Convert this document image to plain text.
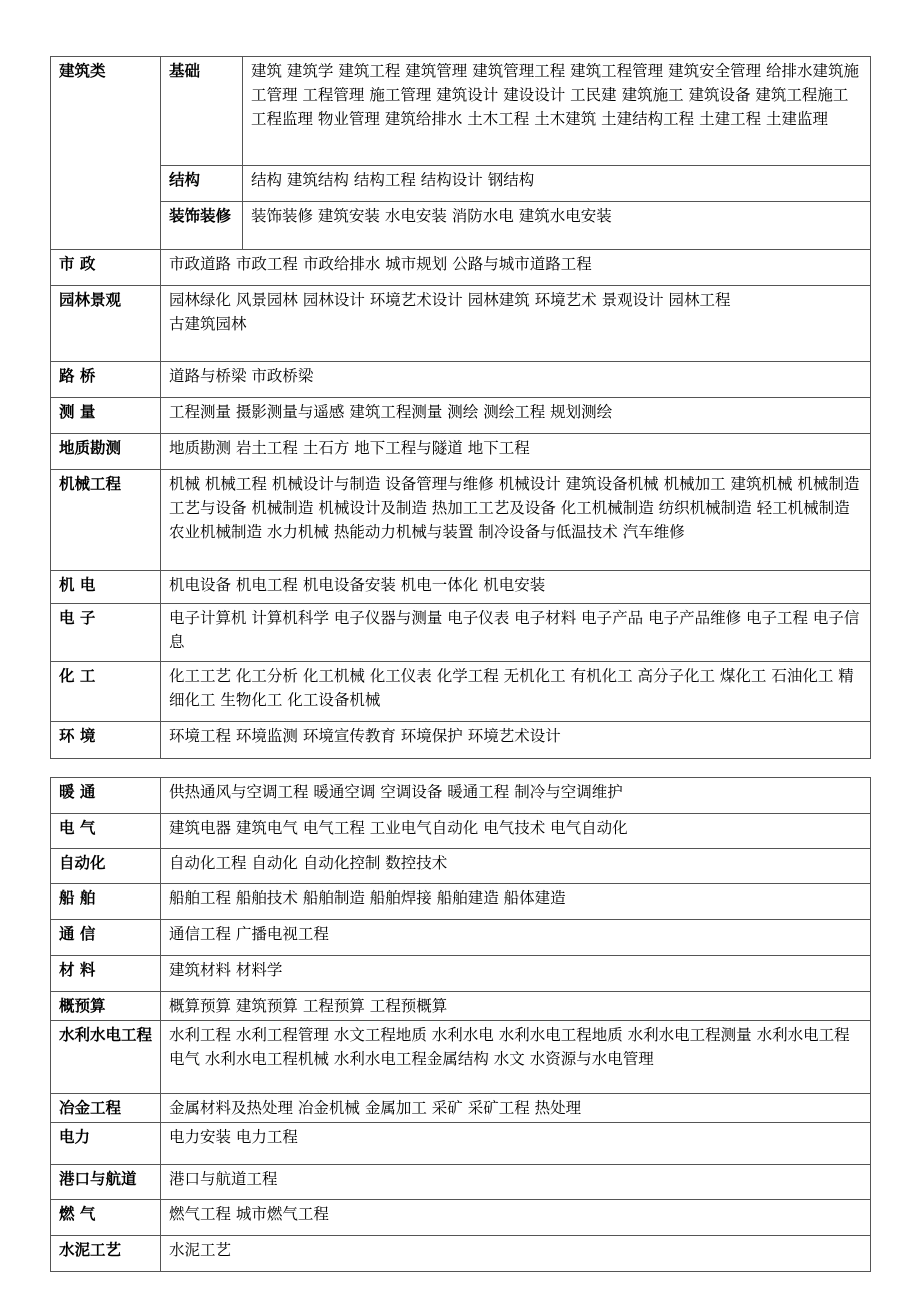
建筑类	基础	建筑 建筑学 建筑工程 建筑管理 建筑管理工程 建筑工程管理 建筑安全管理 给排水建筑施工管理 工程管理 施工管理 建筑设计 建设设计 工民建 建筑施工 建筑设备 建筑工程施工 工程监理 物业管理 建筑给排水 土木工程 土木建筑 土建结构工程 土建工程 土建监理
	结构	结构 建筑结构 结构工程 结构设计 钢结构
	装饰装修	装饰装修 建筑安装 水电安装 消防水电 建筑水电安装
市 政	市政道路 市政工程 市政给排水 城市规划 公路与城市道路工程	
园林景观	园林绿化 风景园林 园林设计 环境艺术设计 园林建筑 环境艺术 景观设计 园林工程
古建筑园林	

路 桥	道路与桥梁 市政桥梁	
测 量	工程测量 摄影测量与遥感 建筑工程测量 测绘 测绘工程 规划测绘	
地质勘测	地质勘测 岩土工程 土石方 地下工程与隧道 地下工程	
机械工程	机械 机械工程 机械设计与制造 设备管理与维修 机械设计 建筑设备机械 机械加工 建筑机械 机械制造工艺与设备 机械制造 机械设计及制造 热加工工艺及设备 化工机械制造 纺织机械制造 轻工机械制造 农业机械制造 水力机械 热能动力机械与装置 制冷设备与低温技术 汽车维修	
机 电	机电设备 机电工程 机电设备安装 机电一体化 机电安装	
电 子	电子计算机 计算机科学 电子仪器与测量 电子仪表 电子材料 电子产品 电子产品维修 电子工程 电子信息	
化 工	化工工艺 化工分析 化工机械 化工仪表 化学工程 无机化工 有机化工 高分子化工 煤化工 石油化工 精细化工 生物化工 化工设备机械	
环 境	环境工程 环境监测 环境宣传教育 环境保护 环境艺术设计	
暖 通	供热通风与空调工程 暖通空调 空调设备 暖通工程 制冷与空调维护
电 气	建筑电器 建筑电气 电气工程 工业电气自动化 电气技术 电气自动化
自动化	自动化工程 自动化 自动化控制 数控技术
船 舶	船舶工程 船舶技术 船舶制造 船舶焊接 船舶建造 船体建造
通 信	通信工程 广播电视工程
材 料	建筑材料 材料学
概预算	概算预算 建筑预算 工程预算 工程预概算
水利水电工程	水利工程 水利工程管理 水文工程地质 水利水电 水利水电工程地质 水利水电工程测量 水利水电工程电气 水利水电工程机械 水利水电工程金属结构 水文 水资源与水电管理
冶金工程	金属材料及热处理 冶金机械 金属加工 采矿 采矿工程 热处理
电力	电力安装 电力工程
港口与航道	港口与航道工程
燃 气	燃气工程 城市燃气工程
水泥工艺	水泥工艺
